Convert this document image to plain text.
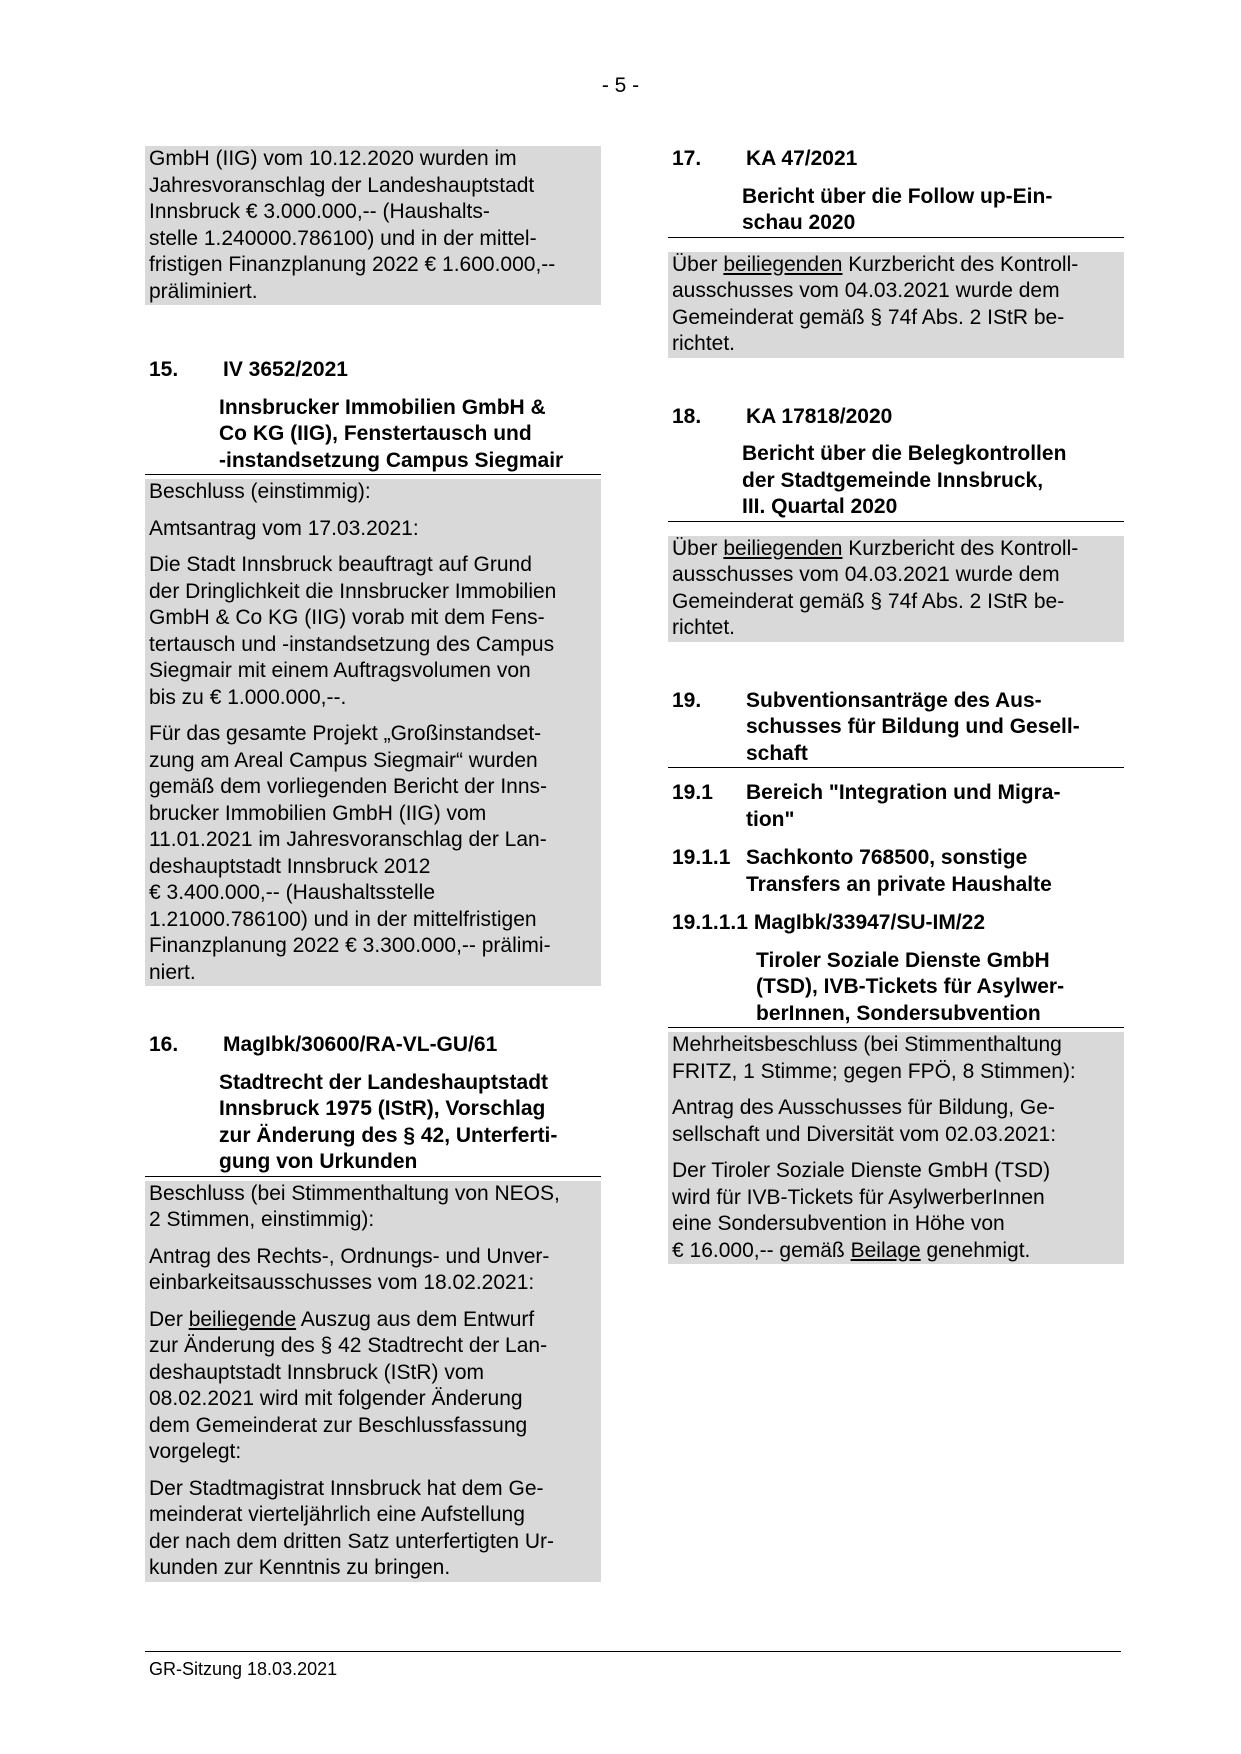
- 5 -

GmbH (IIG) vom 10.12.2020 wurden im
Jahresvoranschlag der Landeshauptstadt
Innsbruck € 3.000.000,-- (Haushalts-
stelle 1.240000.786100) und in der mittel-
fristigen Finanzplanung 2022 € 1.600.000,--
präliminiert.

15.	IV 3652/2021
Innsbrucker Immobilien GmbH &
Co KG (IIG), Fenstertausch und
-instandsetzung Campus Siegmair

Beschluss (einstimmig):

Amtsantrag vom 17.03.2021:

Die Stadt Innsbruck beauftragt auf Grund
der Dringlichkeit die Innsbrucker Immobilien
GmbH & Co KG (IIG) vorab mit dem Fens-
tertausch und -instandsetzung des Campus
Siegmair mit einem Auftragsvolumen von
bis zu € 1.000.000,--.

Für das gesamte Projekt „Großinstandset-
zung am Areal Campus Siegmair“ wurden
gemäß dem vorliegenden Bericht der Inns-
brucker Immobilien GmbH (IIG) vom
11.01.2021 im Jahresvoranschlag der Lan-
deshauptstadt Innsbruck 2012
€ 3.400.000,-- (Haushaltsstelle
1.21000.786100) und in der mittelfristigen
Finanzplanung 2022 € 3.300.000,-- prälimi-
niert.

16.	MagIbk/30600/RA-VL-GU/61
Stadtrecht der Landeshauptstadt
Innsbruck 1975 (IStR), Vorschlag
zur Änderung des § 42, Unterferti-
gung von Urkunden

Beschluss (bei Stimmenthaltung von NEOS,
2 Stimmen, einstimmig):

Antrag des Rechts-, Ordnungs- und Unver-
einbarkeitsausschusses vom 18.02.2021:

Der beiliegende Auszug aus dem Entwurf
zur Änderung des § 42 Stadtrecht der Lan-
deshauptstadt Innsbruck (IStR) vom
08.02.2021 wird mit folgender Änderung
dem Gemeinderat zur Beschlussfassung
vorgelegt:

Der Stadtmagistrat Innsbruck hat dem Ge-
meinderat vierteljährlich eine Aufstellung
der nach dem dritten Satz unterfertigten Ur-
kunden zur Kenntnis zu bringen.

17.	KA 47/2021
Bericht über die Follow up-Ein-
schau 2020

Über beiliegenden Kurzbericht des Kontroll-
ausschusses vom 04.03.2021 wurde dem
Gemeinderat gemäß § 74f Abs. 2 IStR be-
richtet.

18.	KA 17818/2020
Bericht über die Belegkontrollen
der Stadtgemeinde Innsbruck,
III. Quartal 2020

Über beiliegenden Kurzbericht des Kontroll-
ausschusses vom 04.03.2021 wurde dem
Gemeinderat gemäß § 74f Abs. 2 IStR be-
richtet.

19.	Subventionsanträge des Aus-
schusses für Bildung und Gesell-
schaft
19.1	Bereich "Integration und Migra-
tion"
19.1.1 Sachkonto 768500, sonstige
Transfers an private Haushalte
19.1.1.1 MagIbk/33947/SU-IM/22
Tiroler Soziale Dienste GmbH
(TSD), IVB-Tickets für Asylwer-
berInnen, Sondersubvention

Mehrheitsbeschluss (bei Stimmenthaltung
FRITZ, 1 Stimme; gegen FPÖ, 8 Stimmen):

Antrag des Ausschusses für Bildung, Ge-
sellschaft und Diversität vom 02.03.2021:

Der Tiroler Soziale Dienste GmbH (TSD)
wird für IVB-Tickets für AsylwerberInnen
eine Sondersubvention in Höhe von
€ 16.000,-- gemäß Beilage genehmigt.

GR-Sitzung 18.03.2021
